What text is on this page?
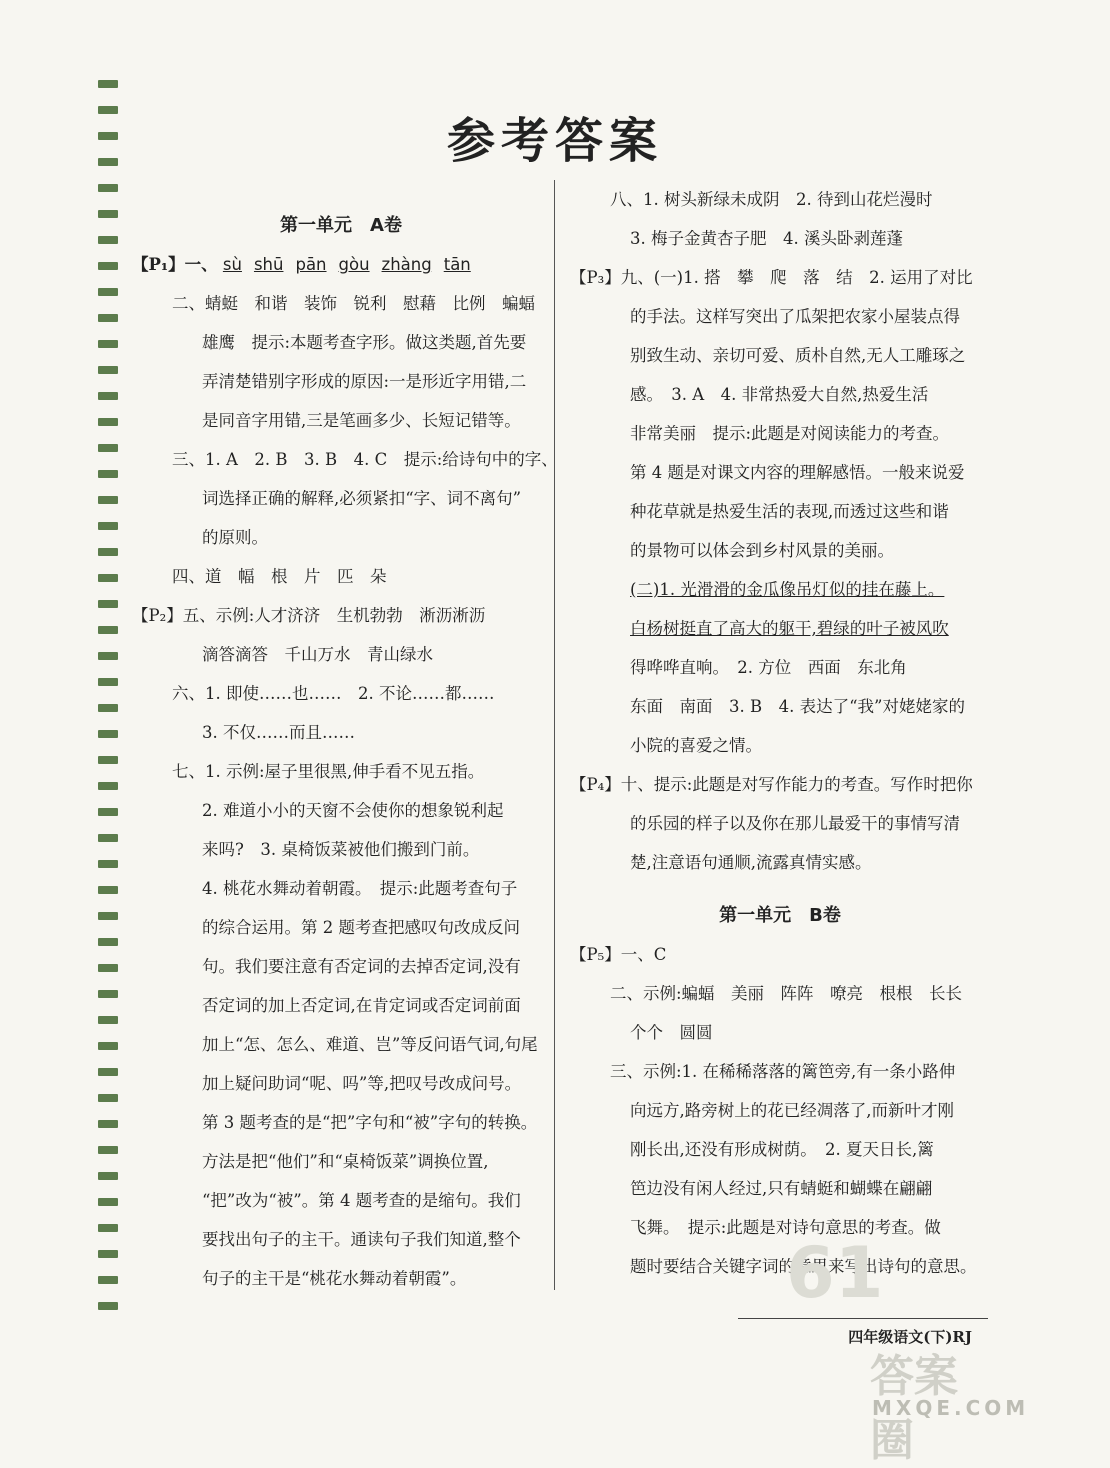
参考答案

第一单元　A卷

【P₁】一、 sù shū pān gòu zhàng tān

二、蜻蜓　和谐　装饰　锐利　慰藉　比例　蝙蝠

雄鹰　提示:本题考查字形。做这类题,首先要

弄清楚错别字形成的原因:一是形近字用错,二

是同音字用错,三是笔画多少、长短记错等。

三、1. A　2. B　3. B　4. C　提示:给诗句中的字、

词选择正确的解释,必须紧扣“字、词不离句”

的原则。

四、道　幅　根　片　匹　朵

【P₂】五、示例:人才济济　生机勃勃　淅沥淅沥

滴答滴答　千山万水　青山绿水

六、1. 即使……也……　2. 不论……都……

3. 不仅……而且……

七、1. 示例:屋子里很黑,伸手看不见五指。

2. 难道小小的天窗不会使你的想象锐利起

来吗?　3. 桌椅饭菜被他们搬到门前。

4. 桃花水舞动着朝霞。　提示:此题考查句子

的综合运用。第 2 题考查把感叹句改成反问

句。我们要注意有否定词的去掉否定词,没有

否定词的加上否定词,在肯定词或否定词前面

加上“怎、怎么、难道、岂”等反问语气词,句尾

加上疑问助词“呢、吗”等,把叹号改成问号。

第 3 题考查的是“把”字句和“被”字句的转换。

方法是把“他们”和“桌椅饭菜”调换位置,

“把”改为“被”。第 4 题考查的是缩句。我们

要找出句子的主干。通读句子我们知道,整个

句子的主干是“桃花水舞动着朝霞”。

八、1. 树头新绿未成阴　2. 待到山花烂漫时

3. 梅子金黄杏子肥　4. 溪头卧剥莲蓬

【P₃】九、(一)1. 搭　攀　爬　落　结　2. 运用了对比

的手法。这样写突出了瓜架把农家小屋装点得

别致生动、亲切可爱、质朴自然,无人工雕琢之

感。　3. A　4. 非常热爱大自然,热爱生活

非常美丽　提示:此题是对阅读能力的考查。

第 4 题是对课文内容的理解感悟。一般来说爱

种花草就是热爱生活的表现,而透过这些和谐

的景物可以体会到乡村风景的美丽。

(二)1. 光滑滑的金瓜像吊灯似的挂在藤上。

白杨树挺直了高大的躯干,碧绿的叶子被风吹

得哗哗直响。　2. 方位　西面　东北角

东面　南面　3. B　4. 表达了“我”对姥姥家的

小院的喜爱之情。

【P₄】十、提示:此题是对写作能力的考查。写作时把你

的乐园的样子以及你在那儿最爱干的事情写清

楚,注意语句通顺,流露真情实感。

第一单元　B卷

【P₅】一、C

二、示例:蝙蝠　美丽　阵阵　嘹亮　根根　长长

个个　圆圆

三、示例:1. 在稀稀落落的篱笆旁,有一条小路伸

向远方,路旁树上的花已经凋落了,而新叶才刚

刚长出,还没有形成树荫。　2. 夏天日长,篱

笆边没有闲人经过,只有蜻蜓和蝴蝶在翩翩

飞舞。　提示:此题是对诗句意思的考查。做

题时要结合关键字词的意思来写出诗句的意思。

61
四年级语文(下)RJ
答案圈
MXQE.COM
